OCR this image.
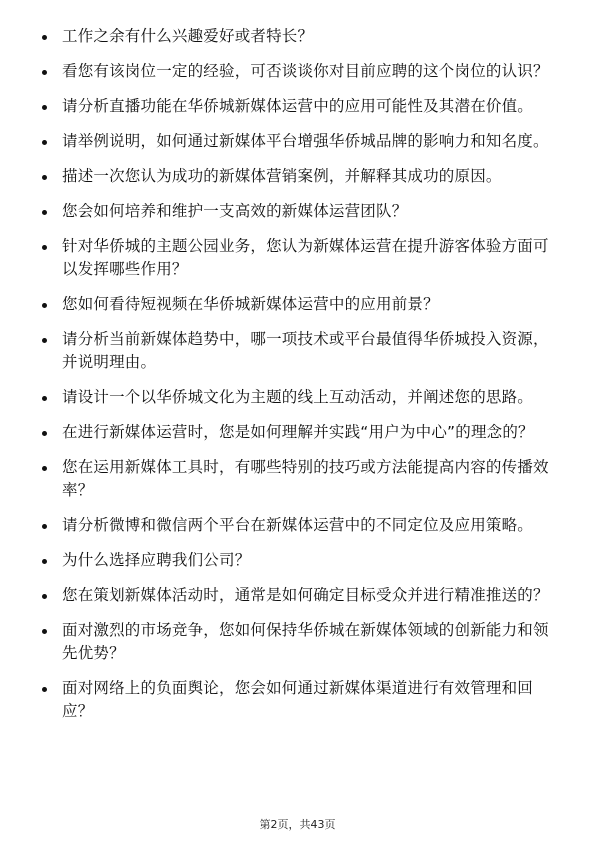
工作之余有什么兴趣爱好或者特长？
看您有该岗位一定的经验，可否谈谈你对目前应聘的这个岗位的认识？
请分析直播功能在华侨城新媒体运营中的应用可能性及其潜在价值。
请举例说明，如何通过新媒体平台增强华侨城品牌的影响力和知名度。
描述一次您认为成功的新媒体营销案例，并解释其成功的原因。
您会如何培养和维护一支高效的新媒体运营团队？
针对华侨城的主题公园业务，您认为新媒体运营在提升游客体验方面可以发挥哪些作用？
您如何看待短视频在华侨城新媒体运营中的应用前景？
请分析当前新媒体趋势中，哪一项技术或平台最值得华侨城投入资源，并说明理由。
请设计一个以华侨城文化为主题的线上互动活动，并阐述您的思路。
在进行新媒体运营时，您是如何理解并实践“用户为中心”的理念的？
您在运用新媒体工具时，有哪些特别的技巧或方法能提高内容的传播效率？
请分析微博和微信两个平台在新媒体运营中的不同定位及应用策略。
为什么选择应聘我们公司？
您在策划新媒体活动时，通常是如何确定目标受众并进行精准推送的？
面对激烈的市场竞争，您如何保持华侨城在新媒体领域的创新能力和领先优势？
面对网络上的负面舆论，您会如何通过新媒体渠道进行有效管理和回应？
第2页，共43页
